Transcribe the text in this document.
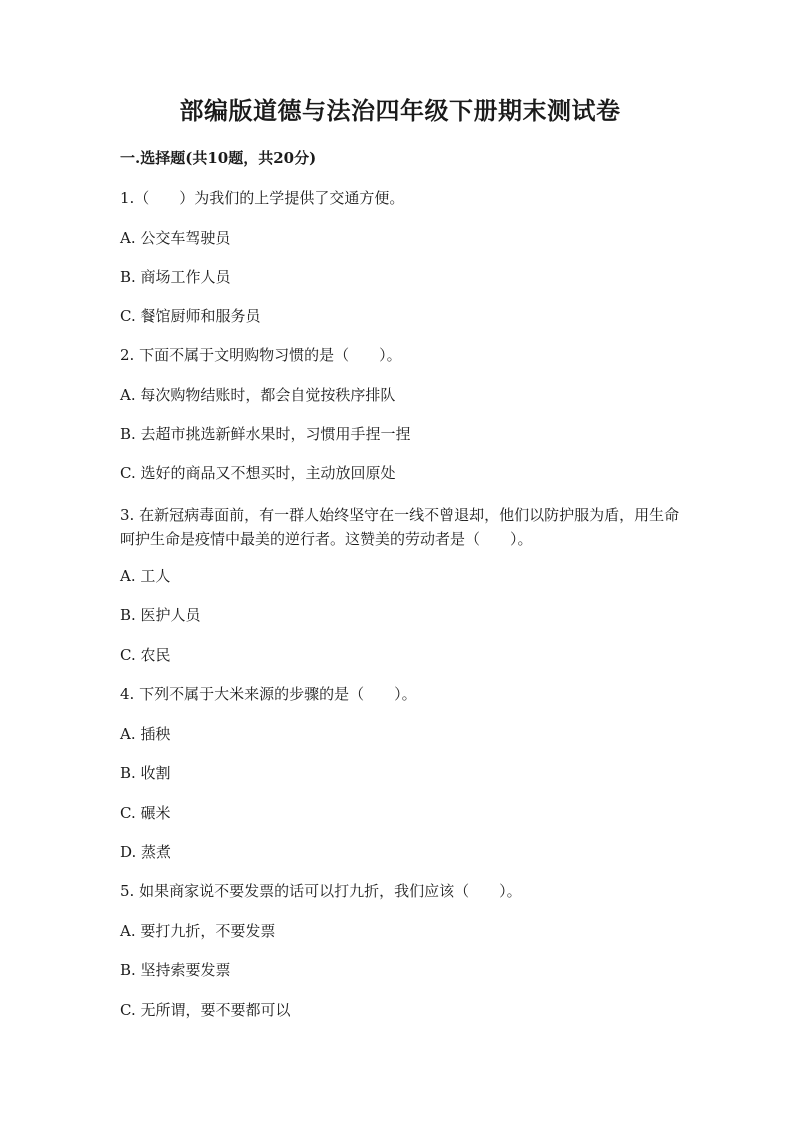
部编版道德与法治四年级下册期末测试卷
一.选择题(共10题，共20分)
1.（　　）为我们的上学提供了交通方便。
A. 公交车驾驶员
B. 商场工作人员
C. 餐馆厨师和服务员
2. 下面不属于文明购物习惯的是（　　）。
A. 每次购物结账时，都会自觉按秩序排队
B. 去超市挑选新鲜水果时，习惯用手捏一捏
C. 选好的商品又不想买时，主动放回原处
3. 在新冠病毒面前，有一群人始终坚守在一线不曾退却，他们以防护服为盾，用生命呵护生命是疫情中最美的逆行者。这赞美的劳动者是（　　）。
A. 工人
B. 医护人员
C. 农民
4. 下列不属于大米来源的步骤的是（　　）。
A. 插秧
B. 收割
C. 碾米
D. 蒸煮
5. 如果商家说不要发票的话可以打九折，我们应该（　　）。
A. 要打九折，不要发票
B. 坚持索要发票
C. 无所谓，要不要都可以
